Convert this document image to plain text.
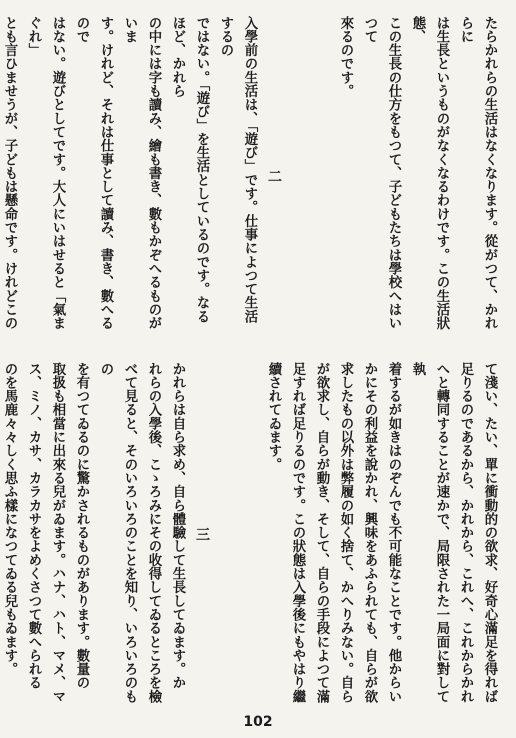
たらかれらの生活はなくなります。從がつて、かれらに

は生長というものがなくなるわけです。この生活狀態、

この生長の仕方をもつて、子どもたちは學校へはいつて

來るのです。

二

入學前の生活は、「遊び」です。仕事によつて生活するの

ではない。「遊び」を生活としているのです。なるほど、かれら

の中には字も讀み、繪も書き、數もかぞへるものがいま

す。けれど、それは仕事として讀み、書き、數へるので

はない。遊びとしてです。大人にいはせると「氣まぐれ」

とも言ひませうが、子どもは懸命です。けれどこの

て淺い、たい、單に衝動的の欲求、好奇心滿足を得れば

足りるのであるから、かれから、これへ、これからかれ

へと轉同することが速かで、局限された一局面に對して執

着するが如きはのぞんでも不可能なことです。他からい

かにその利益を說かれ、興味をあふられても、自らが欲

求したもの以外は弊履の如く捨て、かへりみない。自ら

が欲求し、自らが動き、そして、自らの手段によつて滿

足すれば足りるのです。この狀態は入學後にもやはり繼

續されてゐます。

三

かれらは自ら求め、自ら體驗して生長してゐます。か

れらの入學後、こゝろみにその收得してゐるところを檢

べて見ると、そのいろいろのことを知り、いろいろのもの

を有つてゐるのに驚かされるものがあります。數量の

取扱も相當に出來る兒がゐます。ハナ、ハト、マメ、マ

ス、ミノ、カサ、カラカサをよめくさつて數へられる

のを馬鹿々々しく思ふ樣になつてゐる兒もゐます。

102
